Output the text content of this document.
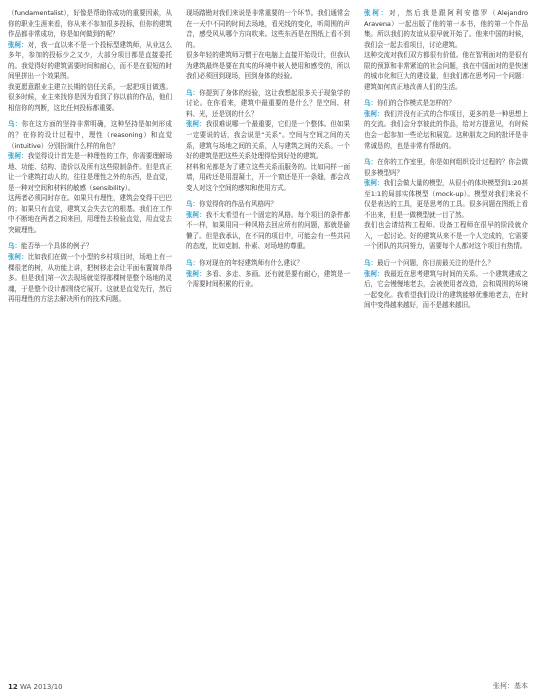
（fundamentalist），好像是帮助你成功的重要因素，从你的职业生涯来看，你从来不参加很多投标，但你的建筑作品都非常成功，你是如何做到的呢？

张柯：对，我一直以来不是一个投标型建筑师，从业这么多年，参加的投标少之又少，大部分项目都是直接委托的。我觉得好的建筑需要时间和耐心，而不是在很短的时间里拼出一个效果图。

我更愿意跟业主建立长期的信任关系，一起把项目做透。很多时候，业主来找你是因为看到了你以前的作品，他们相信你的判断，这比任何投标都重要。

乌：你在这方面的坚持非常明确，这种坚持是如何形成的？在你的设计过程中，理性（reasoning）和直觉（intuitive）分别扮演什么样的角色？

张柯：我觉得设计首先是一种理性的工作，你需要理解场地、功能、结构、造价以及所有这些限制条件。但是真正让一个建筑打动人的，往往是理性之外的东西，是直觉，是一种对空间和材料的敏感（sensibility）。

这两者必须同时存在。如果只有理性，建筑会变得干巴巴的；如果只有直觉，建筑又会失去它的根基。我们在工作中不断地在两者之间来回，用理性去检验直觉，用直觉去突破理性。

乌：能否举一个具体的例子？

张柯：比如我们在做一个小型的乡村项目时，场地上有一棵很老的树，从功能上讲，把树移走会让平面布置简单得多。但是我们第一次去现场就觉得那棵树是整个场地的灵魂，于是整个设计都围绕它展开。这就是直觉先行，然后再用理性的方法去解决所有的技术问题。

现场踏勘对我们来说是非常重要的一个环节。我们通常会在一天中不同的时间去场地，看光线的变化，听周围的声音，感受风从哪个方向吹来。这些东西是在图纸上看不到的。

很多年轻的建筑师习惯于在电脑上直接开始设计，但我认为建筑最终是要在真实的环境中被人使用和感受的，所以我们必须回到现场，回到身体的经验。

乌：你提到了身体的经验，这让我想起很多关于现象学的讨论。在你看来，建筑中最重要的是什么？是空间、材料、光，还是别的什么？

张柯：我很难说哪一个最重要，它们是一个整体。但如果一定要说的话，我会说是“关系”。空间与空间之间的关系，建筑与场地之间的关系，人与建筑之间的关系。一个好的建筑是把这些关系处理得恰到好处的建筑。

材料和光都是为了建立这些关系而服务的。比如同样一面墙，用砖还是用混凝土，开一个窗还是开一条缝，都会改变人对这个空间的感知和使用方式。

乌：你觉得你的作品有风格吗？

张柯：我不太希望有一个固定的风格。每个项目的条件都不一样，如果用同一种风格去回应所有的问题，那就是偷懒了。但是我承认，在不同的项目中，可能会有一些共同的态度，比如克制、朴素、对场地的尊重。

乌：你对现在的年轻建筑师有什么建议？

张柯：多看、多走、多画。还有就是要有耐心，建筑是一个需要时间积累的行业。

张柯：对，然后我是跟阿利安德罗（Alejandro Aravena）一起出版了他的第一本书，他的第一个作品集。所以我们的友谊从很早就开始了。他来中国的时候，我们会一起去看项目，讨论建筑。

这种交流对我们双方都很有价值。他在智利面对的是很有限的预算和非常紧迫的社会问题，我在中国面对的是快速的城市化和巨大的建设量，但我们都在思考同一个问题：建筑如何真正地改善人们的生活。

乌：你们的合作模式是怎样的？

张柯：我们并没有正式的合作项目，更多的是一种思想上的交流。我们会分享彼此的作品，给对方提意见，有时候也会一起参加一些论坛和展览。这种朋友之间的批评是非常诚恳的，也是非常有帮助的。

乌：在你的工作室里，你是如何组织设计过程的？你会做很多模型吗？

张柯：我们会做大量的模型，从很小的体块模型到1:20甚至1:1的局部实体模型（mock-up）。模型对我们来说不仅是表达的工具，更是思考的工具。很多问题在图纸上看不出来，但是一做模型就一目了然。

我们也会请结构工程师、设备工程师在很早的阶段就介入，一起讨论。好的建筑从来不是一个人完成的，它需要一个团队的共同努力，需要每个人都对这个项目有热情。

乌：最后一个问题，你目前最关注的是什么？

张柯：我最近在思考建筑与时间的关系。一个建筑建成之后，它会慢慢地老去，会被使用者改造，会和周围的环境一起变化。我希望我们设计的建筑能够优雅地老去，在时间中变得越来越好，而不是越来越旧。

12 WA 2013/10	张柯：基本
